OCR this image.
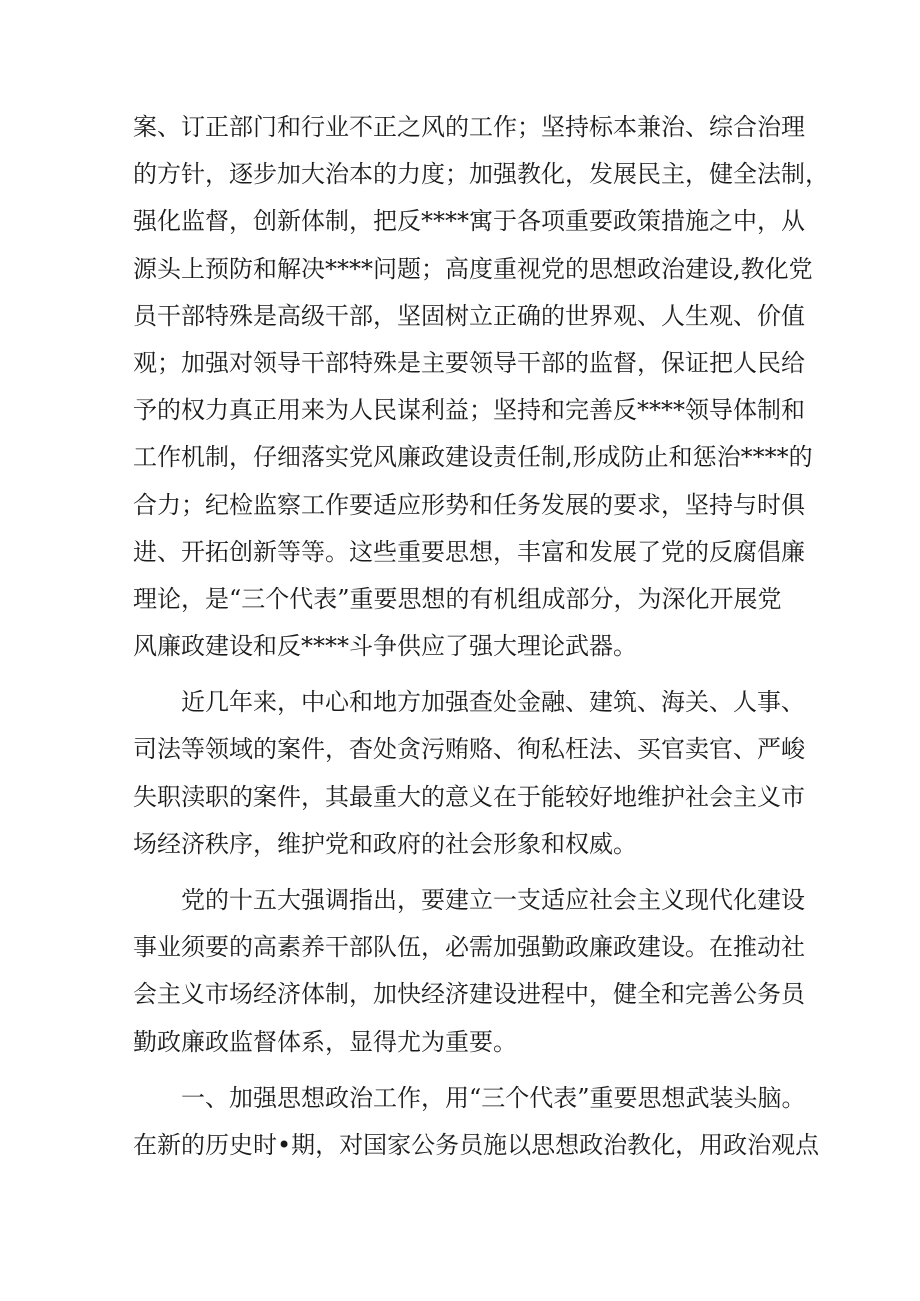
案、订正部门和行业不正之风的工作；坚持标本兼治、综合治理
的方针，逐步加大治本的力度；加强教化，发展民主，健全法制，
强化监督，创新体制，把反****寓于各项重要政策措施之中，从
源头上预防和解决****问题；高度重视党的思想政治建设,教化党
员干部特殊是高级干部，坚固树立正确的世界观、人生观、价值
观；加强对领导干部特殊是主要领导干部的监督，保证把人民给
予的权力真正用来为人民谋利益；坚持和完善反****领导体制和
工作机制，仔细落实党风廉政建设责任制,形成防止和惩治****的
合力；纪检监察工作要适应形势和任务发展的要求，坚持与时俱
进、开拓创新等等。这些重要思想，丰富和发展了党的反腐倡廉
理论，是“三个代表”重要思想的有机组成部分，为深化开展党
风廉政建设和反****斗争供应了强大理论武器。
近几年来，中心和地方加强查处金融、建筑、海关、人事、
司法等领域的案件，杳处贪污贿赂、徇私枉法、买官卖官、严峻
失职渎职的案件，其最重大的意义在于能较好地维护社会主义市
场经济秩序，维护党和政府的社会形象和权威。
党的十五大强调指出，要建立一支适应社会主义现代化建设
事业须要的高素养干部队伍，必需加强勤政廉政建设。在推动社
会主义市场经济体制，加快经济建设进程中，健全和完善公务员
勤政廉政监督体系，显得尤为重要。
一、加强思想政治工作，用“三个代表”重要思想武装头脑。
在新的历史时•期，对国家公务员施以思想政治教化，用政治观点
